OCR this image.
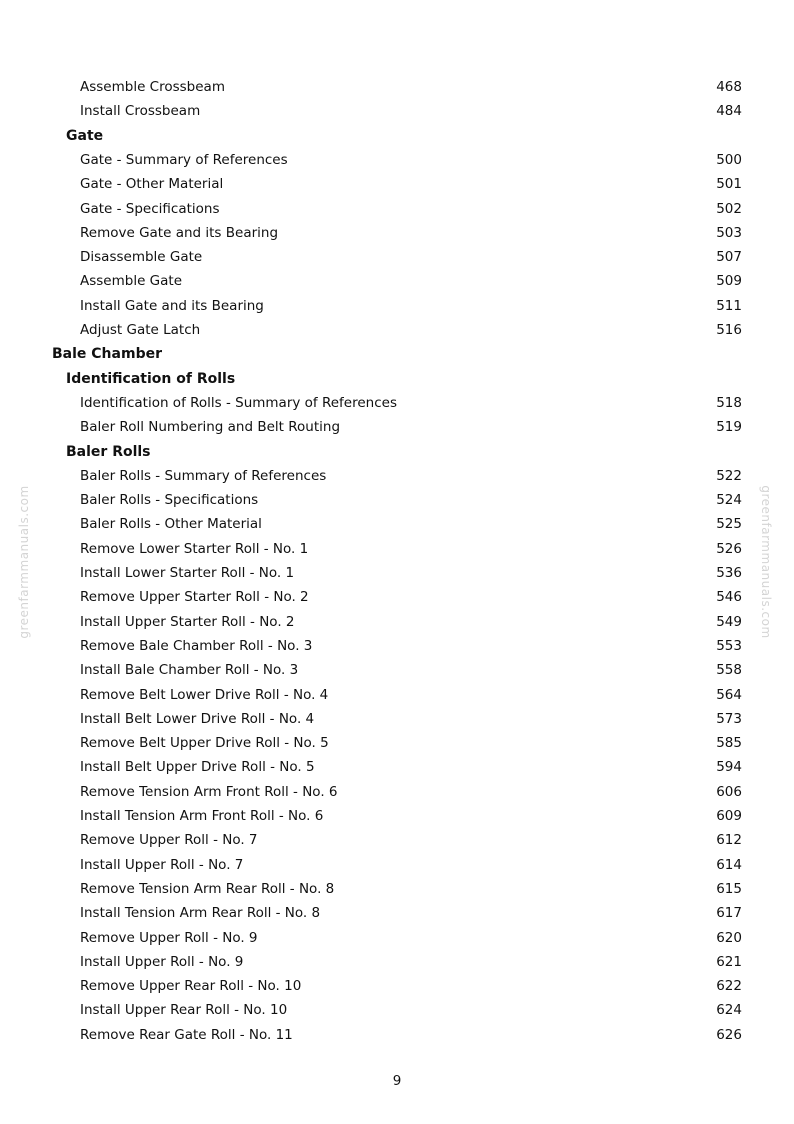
Assemble Crossbeam	468
Install Crossbeam	484
Gate
Gate - Summary of References	500
Gate - Other Material	501
Gate - Specifications	502
Remove Gate and its Bearing	503
Disassemble Gate	507
Assemble Gate	509
Install Gate and its Bearing	511
Adjust Gate Latch	516
Bale Chamber
Identification of Rolls
Identification of Rolls - Summary of References	518
Baler Roll Numbering and Belt Routing	519
Baler Rolls
Baler Rolls - Summary of References	522
Baler Rolls - Specifications	524
Baler Rolls - Other Material	525
Remove Lower Starter Roll - No. 1	526
Install Lower Starter Roll - No. 1	536
Remove Upper Starter Roll - No. 2	546
Install Upper Starter Roll - No. 2	549
Remove Bale Chamber Roll - No. 3	553
Install Bale Chamber Roll - No. 3	558
Remove Belt Lower Drive Roll - No. 4	564
Install Belt Lower Drive Roll - No. 4	573
Remove Belt Upper Drive Roll - No. 5	585
Install Belt Upper Drive Roll - No. 5	594
Remove Tension Arm Front Roll - No. 6	606
Install Tension Arm Front Roll - No. 6	609
Remove Upper Roll - No. 7	612
Install Upper Roll - No. 7	614
Remove Tension Arm Rear Roll - No. 8	615
Install Tension Arm Rear Roll - No. 8	617
Remove Upper Roll - No. 9	620
Install Upper Roll - No. 9	621
Remove Upper Rear Roll - No. 10	622
Install Upper Rear Roll - No. 10	624
Remove Rear Gate Roll - No. 11	626
greenfarmmanuals.com	greenfarmmanuals.com
9
